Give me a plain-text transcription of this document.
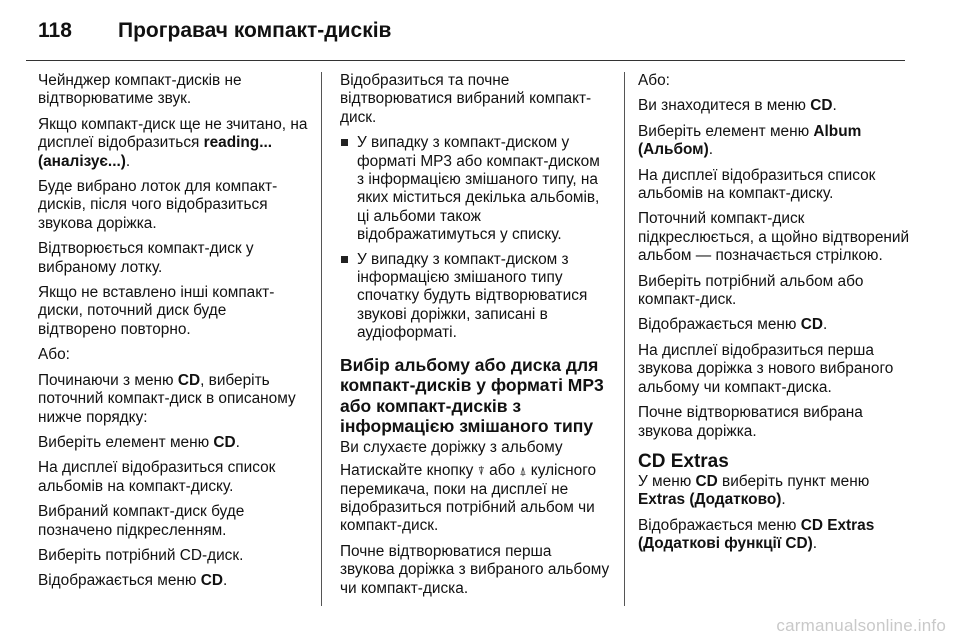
118 Програвач компакт-дисків

Чейнджер компакт-дисків не відтворюватиме звук.

Якщо компакт-диск ще не зчитано, на дисплеї відобразиться reading... (аналізує...).

Буде вибрано лоток для компакт-дисків, після чого відобразиться звукова доріжка.

Відтворюється компакт-диск у вибраному лотку.

Якщо не вставлено інші компакт-диски, поточний диск буде відтворено повторно.

Або:

Починаючи з меню CD, виберіть поточний компакт-диск в описаному нижче порядку:

Виберіть елемент меню CD.

На дисплеї відобразиться список альбомів на компакт-диску.

Вибраний компакт-диск буде позначено підкресленням.

Виберіть потрібний CD-диск.

Відображається меню CD.

Відобразиться та почне відтворюватися вибраний компакт-диск.

У випадку з компакт-диском у форматі MP3 або компакт-диском з інформацією змішаного типу, на яких міститься декілька альбомів, ці альбоми також відображатимуться у списку.
У випадку з компакт-диском з інформацією змішаного типу спочатку будуть відтворюватися звукові доріжки, записані в аудіоформаті.
Вибір альбому або диска для компакт-дисків у форматі MP3 або компакт-дисків з інформацією змішаного типу

Ви слухаєте доріжку з альбому

Натискайте кнопку ⍒ або ⍋ кулісного перемикача, поки на дисплеї не відобразиться потрібний альбом чи компакт-диск.

Почне відтворюватися перша звукова доріжка з вибраного альбому чи компакт-диска.

Або:

Ви знаходитеся в меню CD.

Виберіть елемент меню Album (Альбом).

На дисплеї відобразиться список альбомів на компакт-диску.

Поточний компакт-диск підкреслюється, а щойно відтворений альбом — позначається стрілкою.

Виберіть потрібний альбом або компакт-диск.

Відображається меню CD.

На дисплеї відобразиться перша звукова доріжка з нового вибраного альбому чи компакт-диска.

Почне відтворюватися вибрана звукова доріжка.

CD Extras

У меню CD виберіть пункт меню Extras (Додатково).

Відображається меню CD Extras (Додаткові функції CD).

carmanualsonline.info
